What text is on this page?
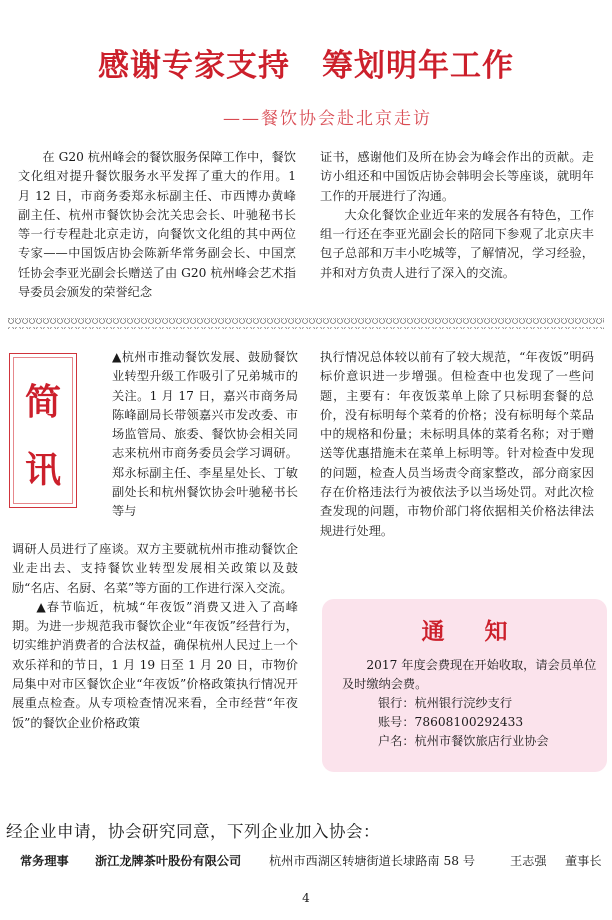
感谢专家支持　筹划明年工作
——餐饮协会赴北京走访

在 G20 杭州峰会的餐饮服务保障工作中，餐饮文化组对提升餐饮服务水平发挥了重大的作用。1 月 12 日，市商务委郑永标副主任、市西博办黄峰副主任、杭州市餐饮协会沈关忠会长、叶驰秘书长等一行专程赴北京走访，向餐饮文化组的其中两位专家——中国饭店协会陈新华常务副会长、中国烹饪协会李亚光副会长赠送了由 G20 杭州峰会艺术指导委员会颁发的荣誉纪念

证书，感谢他们及所在协会为峰会作出的贡献。走访小组还和中国饭店协会韩明会长等座谈，就明年工作的开展进行了沟通。

大众化餐饮企业近年来的发展各有特色，工作组一行还在李亚光副会长的陪同下参观了北京庆丰包子总部和万丰小吃城等，了解情况，学习经验，并和对方负责人进行了深入的交流。

简
讯

▲杭州市推动餐饮发展、鼓励餐饮业转型升级工作吸引了兄弟城市的关注。1 月 17 日，嘉兴市商务局陈峰副局长带领嘉兴市发改委、市场监管局、旅委、餐饮协会相关同志来杭州市商务委员会学习调研。郑永标副主任、李星星处长、丁敏副处长和杭州餐饮协会叶驰秘书长等与

调研人员进行了座谈。双方主要就杭州市推动餐饮企业走出去、支持餐饮业转型发展相关政策以及鼓励“名店、名厨、名菜”等方面的工作进行深入交流。

▲春节临近，杭城“年夜饭”消费又进入了高峰期。为进一步规范我市餐饮企业“年夜饭”经营行为，切实维护消费者的合法权益，确保杭州人民过上一个欢乐祥和的节日，1 月 19 日至 1 月 20 日，市物价局集中对市区餐饮企业“年夜饭”价格政策执行情况开展重点检查。从专项检查情况来看，全市经营“年夜饭”的餐饮企业价格政策

执行情况总体较以前有了较大规范，“年夜饭”明码标价意识进一步增强。但检查中也发现了一些问题，主要有：年夜饭菜单上除了只标明套餐的总价，没有标明每个菜肴的价格；没有标明每个菜品中的规格和份量；未标明具体的菜肴名称；对于赠送等优惠措施未在菜单上标明等。针对检查中发现的问题，检查人员当场责令商家整改，部分商家因存在价格违法行为被依法予以当场处罚。对此次检查发现的问题，市物价部门将依据相关价格法律法规进行处理。

通知

2017 年度会费现在开始收取，请会员单位及时缴纳会费。

银行：杭州银行浣纱支行

账号：78608100292433

户名：杭州市餐饮旅店行业协会

经企业申请，协会研究同意，下列企业加入协会：
常务理事 浙江龙牌茶叶股份有限公司 杭州市西湖区转塘街道长埭路南 58 号	王志强 董事长
4
